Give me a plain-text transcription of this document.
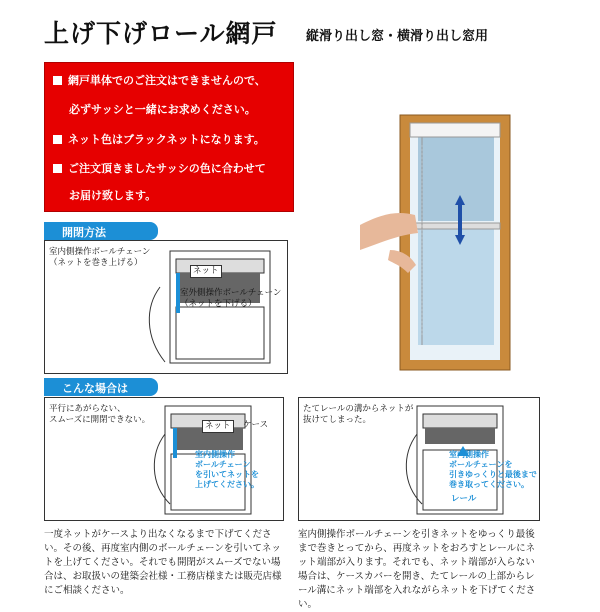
上げ下げロール網戸 縦滑り出し窓・横滑り出し窓用
網戸単体でのご注文はできませんので、
必ずサッシと一緒にお求めください。
ネット色はブラックネットになります。
ご注文頂きましたサッシの色に合わせて
お届け致します。
開閉方法
室内側操作ボールチェーン
（ネットを巻き上げる）
ネット
室外側操作ボールチェーン
（ネットを下げる）
こんな場合は
平行にあがらない、
スムーズに開閉できない。
ネット	ケース
室内側操作
ボールチェーン
を引いてネットを
上げてください。
たてレールの溝からネットが
抜けてしまった。
室内側操作
ボールチェーンを
引きゆっくりと最後まで
巻き取ってください。
レール
一度ネットがケースより出なくなるまで下げてください。その後、再度室内側のボールチェーンを引いてネットを上げてください。それでも開閉がスムーズでない場合は、お取扱いの建築会社様・工務店様または販売店様にご相談ください。
室内側操作ボールチェーンを引きネットをゆっくり最後まで巻きとってから、再度ネットをおろすとレールにネット端部が入ります。それでも、ネット端部が入らない場合は、ケースカバーを開き、たてレールの上部からレール溝にネット端部を入れながらネットを下げてください。
